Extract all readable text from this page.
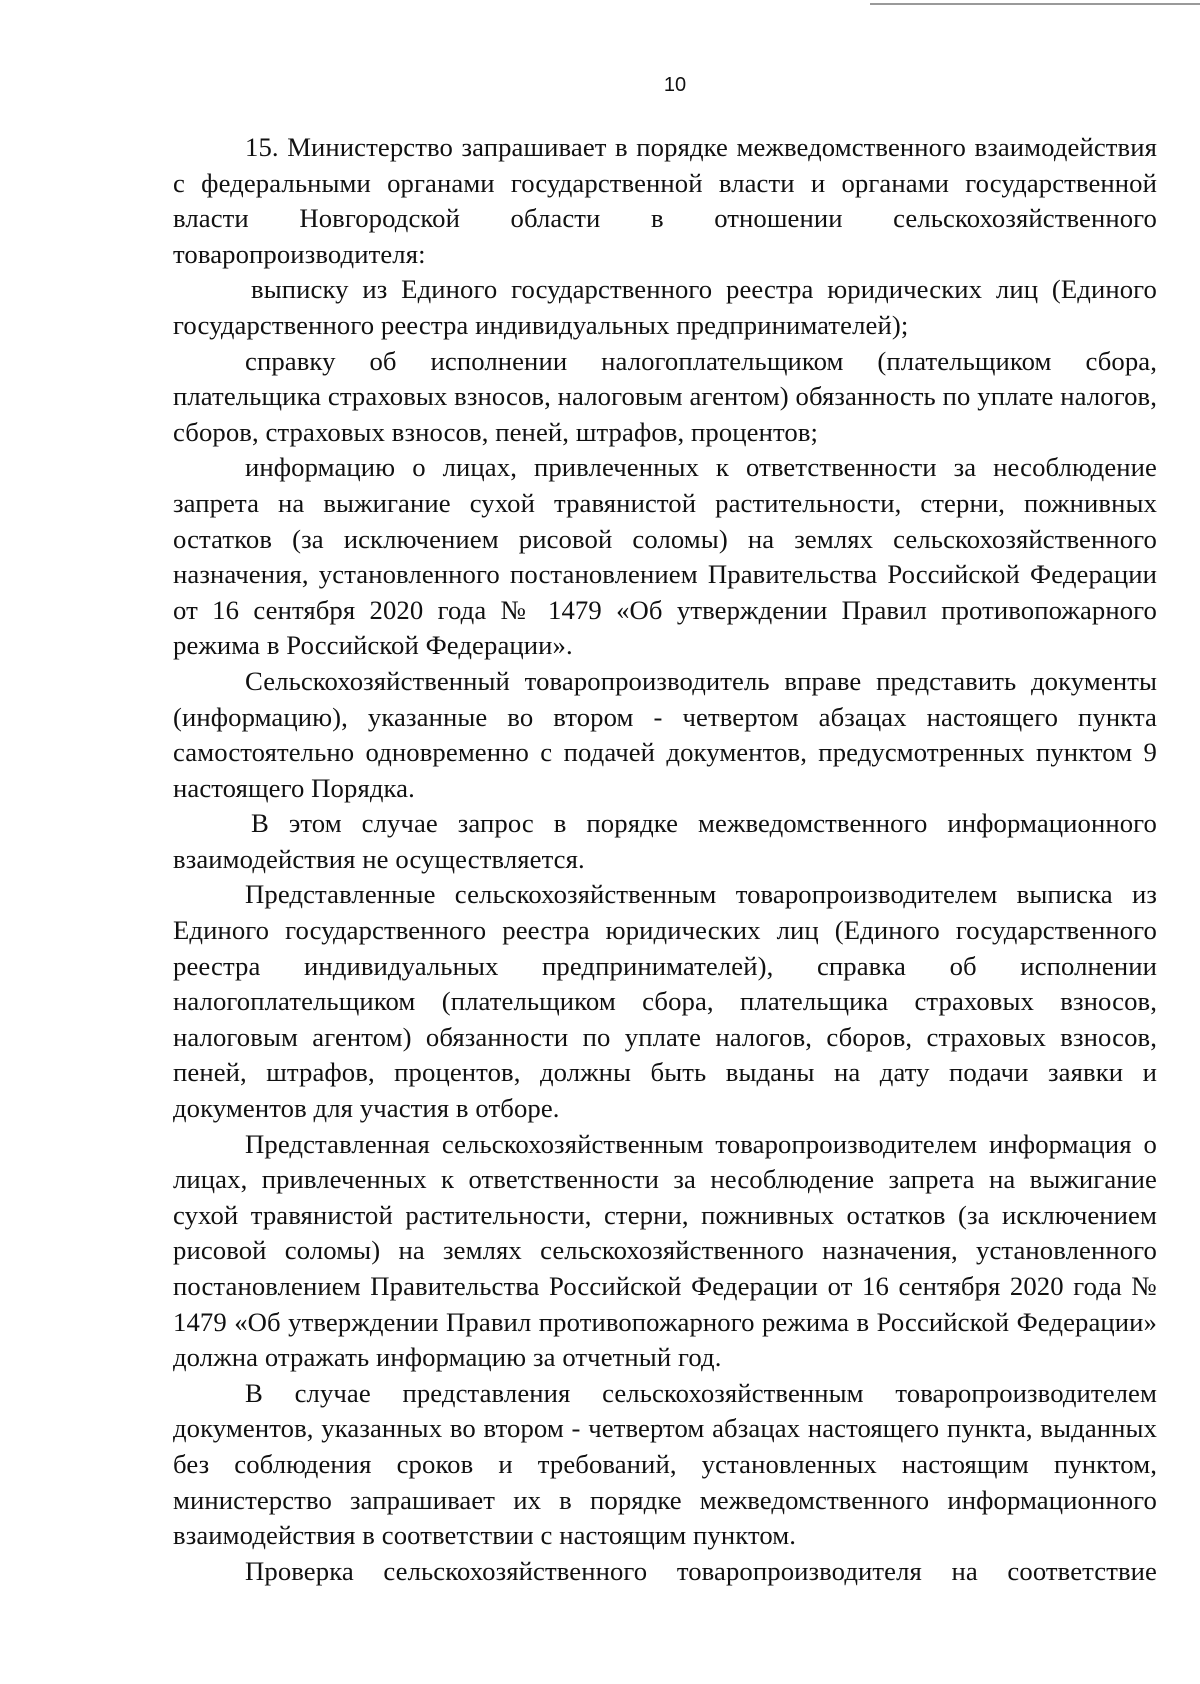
10

15. Министерство запрашивает в порядке межведомственного взаимодействия с федеральными органами государственной власти и органами государственной власти Новгородской области в отношении сельскохозяйственного товаропроизводителя:

выписку из Единого государственного реестра юридических лиц (Единого государственного реестра индивидуальных предпринимателей);

справку об исполнении налогоплательщиком (плательщиком сбора, плательщика страховых взносов, налоговым агентом) обязанность по уплате налогов, сборов, страховых взносов, пеней, штрафов, процентов;

информацию о лицах, привлеченных к ответственности за несоблюдение запрета на выжигание сухой травянистой растительности, стерни, пожнивных остатков (за исключением рисовой соломы) на землях сельскохозяйственного назначения, установленного постановлением Правительства Российской Федерации от 16 сентября 2020 года № 1479 «Об утверждении Правил противопожарного режима в Российской Федерации».

Сельскохозяйственный товаропроизводитель вправе представить документы (информацию), указанные во втором - четвертом абзацах настоящего пункта самостоятельно одновременно с подачей документов, предусмотренных пунктом 9 настоящего Порядка.

В этом случае запрос в порядке межведомственного информационного взаимодействия не осуществляется.

Представленные сельскохозяйственным товаропроизводителем выписка из Единого государственного реестра юридических лиц (Единого государственного реестра индивидуальных предпринимателей), справка об исполнении налогоплательщиком (плательщиком сбора, плательщика страховых взносов, налоговым агентом) обязанности по уплате налогов, сборов, страховых взносов, пеней, штрафов, процентов, должны быть выданы на дату подачи заявки и документов для участия в отборе.

Представленная сельскохозяйственным товаропроизводителем информация о лицах, привлеченных к ответственности за несоблюдение запрета на выжигание сухой травянистой растительности, стерни, пожнивных остатков (за исключением рисовой соломы) на землях сельскохозяйственного назначения, установленного постановлением Правительства Российской Федерации от 16 сентября 2020 года № 1479 «Об утверждении Правил противопожарного режима в Российской Федерации» должна отражать информацию за отчетный год.

В случае представления сельскохозяйственным товаропроизводителем документов, указанных во втором - четвертом абзацах настоящего пункта, выданных без соблюдения сроков и требований, установленных настоящим пунктом, министерство запрашивает их в порядке межведомственного информационного взаимодействия в соответствии с настоящим пунктом.

Проверка сельскохозяйственного товаропроизводителя на соответствие
